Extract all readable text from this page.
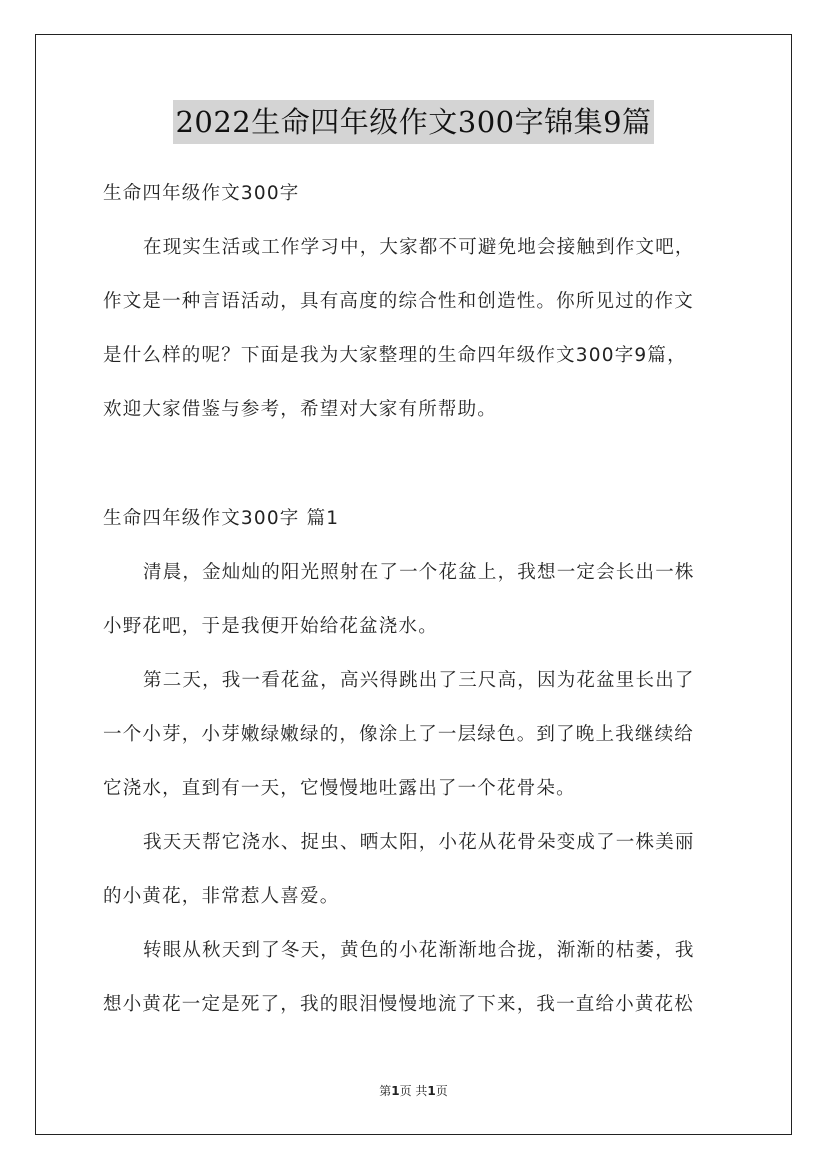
2022生命四年级作文300字锦集9篇
生命四年级作文300字
在现实生活或工作学习中，大家都不可避免地会接触到作文吧，
作文是一种言语活动，具有高度的综合性和创造性。你所见过的作文
是什么样的呢？下面是我为大家整理的生命四年级作文300字9篇，
欢迎大家借鉴与参考，希望对大家有所帮助。
生命四年级作文300字 篇1
清晨，金灿灿的阳光照射在了一个花盆上，我想一定会长出一株
小野花吧，于是我便开始给花盆浇水。
第二天，我一看花盆，高兴得跳出了三尺高，因为花盆里长出了
一个小芽，小芽嫩绿嫩绿的，像涂上了一层绿色。到了晚上我继续给
它浇水，直到有一天，它慢慢地吐露出了一个花骨朵。
我天天帮它浇水、捉虫、晒太阳，小花从花骨朵变成了一株美丽
的小黄花，非常惹人喜爱。
转眼从秋天到了冬天，黄色的小花渐渐地合拢，渐渐的枯萎，我
想小黄花一定是死了，我的眼泪慢慢地流了下来，我一直给小黄花松
第1页 共1页
